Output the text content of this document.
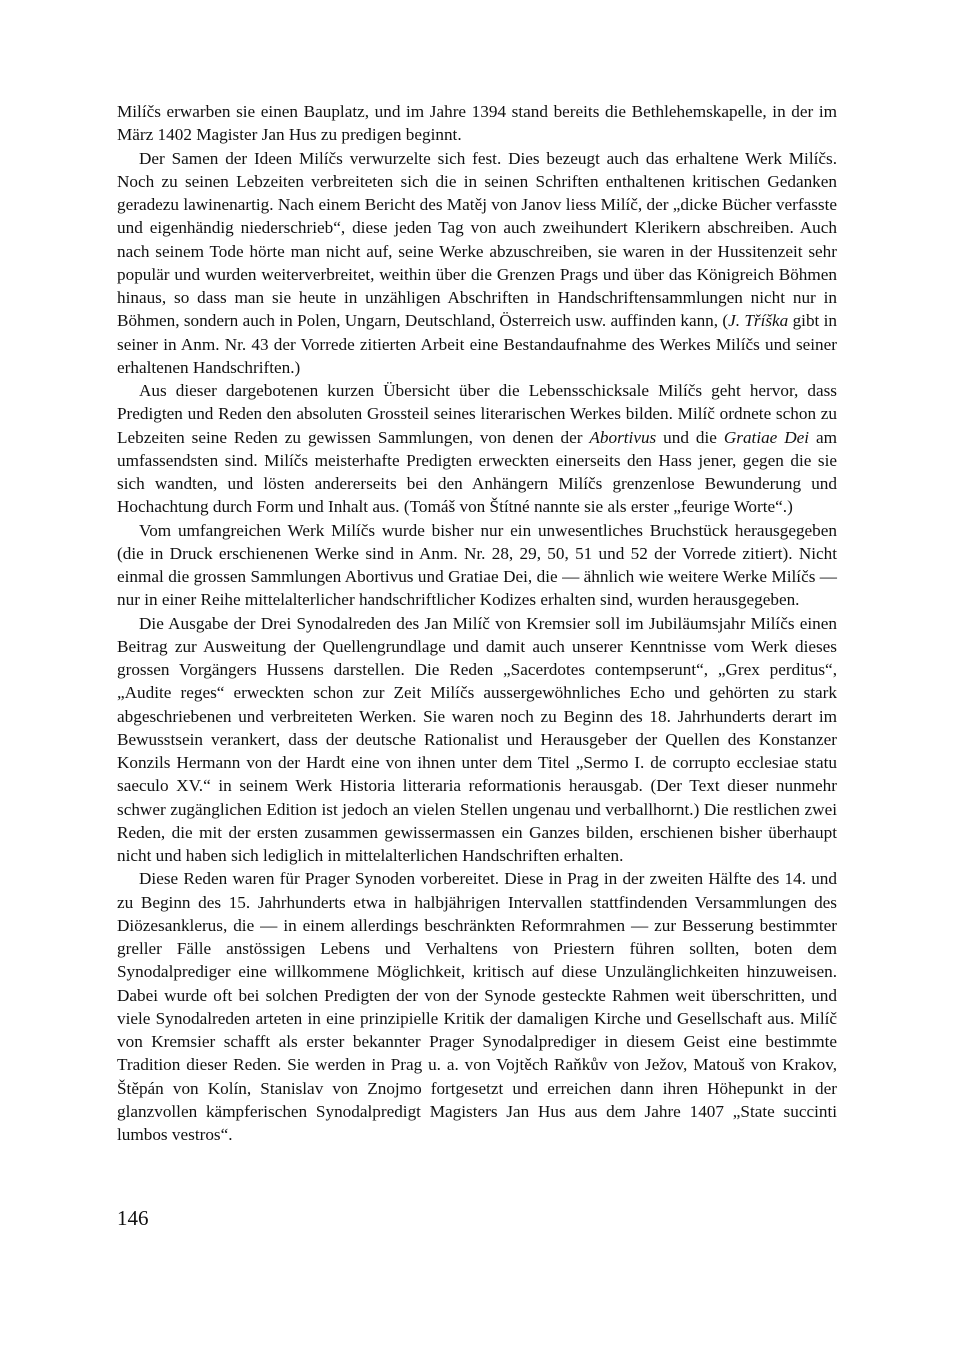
Milíčs erwarben sie einen Bauplatz, und im Jahre 1394 stand bereits die Bethlehemskapelle, in der im März 1402 Magister Jan Hus zu predigen beginnt.

Der Samen der Ideen Milíčs verwurzelte sich fest. Dies bezeugt auch das erhaltene Werk Milíčs. Noch zu seinen Lebzeiten verbreiteten sich die in seinen Schriften enthaltenen kritischen Gedanken geradezu lawinenartig. Nach einem Bericht des Matěj von Janov liess Milíč, der „dicke Bücher verfasste und eigenhändig niederschrieb“, diese jeden Tag von auch zweihundert Klerikern abschreiben. Auch nach seinem Tode hörte man nicht auf, seine Werke abzuschreiben, sie waren in der Hussitenzeit sehr populär und wurden weiterverbreitet, weithin über die Grenzen Prags und über das Königreich Böhmen hinaus, so dass man sie heute in unzähligen Abschriften in Handschriftensammlungen nicht nur in Böhmen, sondern auch in Polen, Ungarn, Deutschland, Österreich usw. auffinden kann, (J. Tříška gibt in seiner in Anm. Nr. 43 der Vorrede zitierten Arbeit eine Bestandaufnahme des Werkes Milíčs und seiner erhaltenen Handschriften.)

Aus dieser dargebotenen kurzen Übersicht über die Lebensschicksale Milíčs geht hervor, dass Predigten und Reden den absoluten Grossteil seines literarischen Werkes bilden. Milíč ordnete schon zu Lebzeiten seine Reden zu gewissen Sammlungen, von denen der Abortivus und die Gratiae Dei am umfassendsten sind. Milíčs meisterhafte Predigten erweckten einerseits den Hass jener, gegen die sie sich wandten, und lösten andererseits bei den Anhängern Milíčs grenzenlose Bewunderung und Hochachtung durch Form und Inhalt aus. (Tomáš von Štítné nannte sie als erster „feurige Worte“.)

Vom umfangreichen Werk Milíčs wurde bisher nur ein unwesentliches Bruchstück herausgegeben (die in Druck erschienenen Werke sind in Anm. Nr. 28, 29, 50, 51 und 52 der Vorrede zitiert). Nicht einmal die grossen Sammlungen Abortivus und Gratiae Dei, die — ähnlich wie weitere Werke Milíčs — nur in einer Reihe mittelalterlicher handschriftlicher Kodizes erhalten sind, wurden herausgegeben.

Die Ausgabe der Drei Synodalreden des Jan Milíč von Kremsier soll im Jubiläumsjahr Milíčs einen Beitrag zur Ausweitung der Quellengrundlage und damit auch unserer Kenntnisse vom Werk dieses grossen Vorgängers Hussens darstellen. Die Reden „Sacerdotes contempserunt“, „Grex perditus“, „Audite reges“ erweckten schon zur Zeit Milíčs aussergewöhnliches Echo und gehörten zu stark abgeschriebenen und verbreiteten Werken. Sie waren noch zu Beginn des 18. Jahrhunderts derart im Bewusstsein verankert, dass der deutsche Rationalist und Herausgeber der Quellen des Konstanzer Konzils Hermann von der Hardt eine von ihnen unter dem Titel „Sermo I. de corrupto ecclesiae statu saeculo XV.“ in seinem Werk Historia litteraria reformationis herausgab. (Der Text dieser nunmehr schwer zugänglichen Edition ist jedoch an vielen Stellen ungenau und verballhornt.) Die restlichen zwei Reden, die mit der ersten zusammen gewissermassen ein Ganzes bilden, erschienen bisher überhaupt nicht und haben sich lediglich in mittelalterlichen Handschriften erhalten.

Diese Reden waren für Prager Synoden vorbereitet. Diese in Prag in der zweiten Hälfte des 14. und zu Beginn des 15. Jahrhunderts etwa in halbjährigen Intervallen stattfindenden Versammlungen des Diözesanklerus, die — in einem allerdings beschränkten Reformrahmen — zur Besserung bestimmter greller Fälle anstössigen Lebens und Verhaltens von Priestern führen sollten, boten dem Synodalprediger eine willkommene Möglichkeit, kritisch auf diese Unzulänglichkeiten hinzuweisen. Dabei wurde oft bei solchen Predigten der von der Synode gesteckte Rahmen weit überschritten, und viele Synodalreden arteten in eine prinzipielle Kritik der damaligen Kirche und Gesellschaft aus. Milíč von Kremsier schafft als erster bekannter Prager Synodalprediger in diesem Geist eine bestimmte Tradition dieser Reden. Sie werden in Prag u. a. von Vojtěch Raňkův von Ježov, Matouš von Krakov, Štěpán von Kolín, Stanislav von Znojmo fortgesetzt und erreichen dann ihren Höhepunkt in der glanzvollen kämpferischen Synodalpredigt Magisters Jan Hus aus dem Jahre 1407 „State succinti lumbos vestros“.

146
